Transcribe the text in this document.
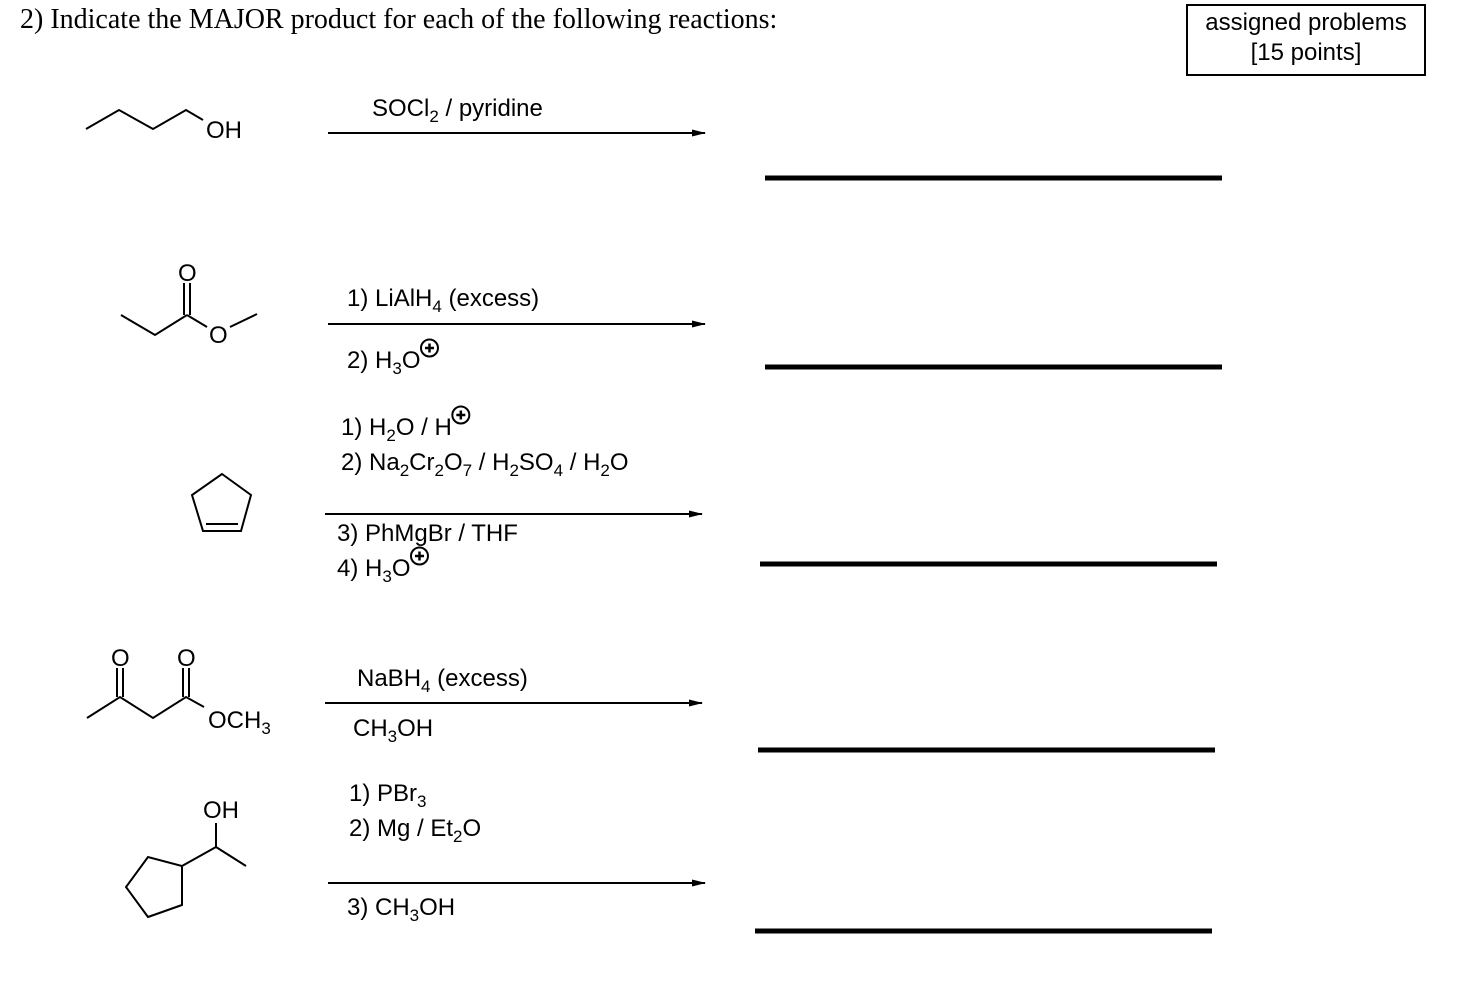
2) Indicate the MAJOR product for each of the following reactions:	assigned problems
[15 points]
OH
SOCl$_2$ / pyridine
O
O
1) LiAlH$_4$ (excess)
2) $H_3O$
1) $H_2O$ / H
2) $Na_2Cr_2O_7 / H_2SO_4 / H_2O$
3) PhMgBr / THF
4) $H_3O$
O O
$OCH_3$
NaBH$_4$ (excess)
$CH_3OH$
OH
1) PBr$_3$
2) Mg / $Et_2O$
3) $CH_3OH$
